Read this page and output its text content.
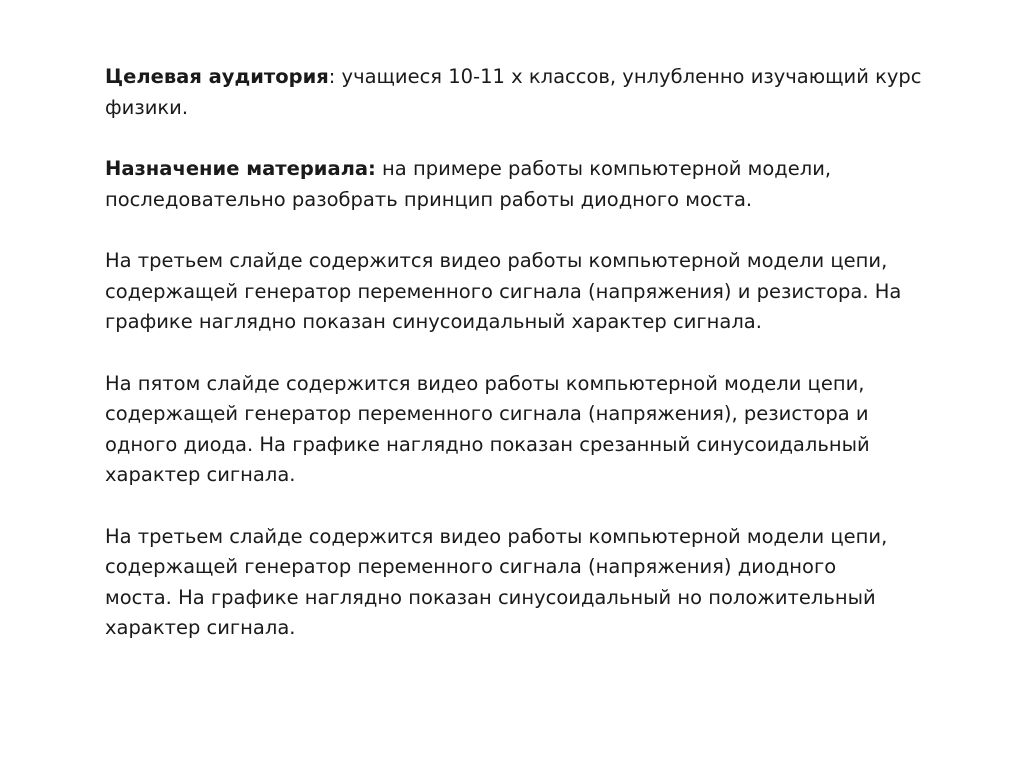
Целевая аудитория: учащиеся 10-11 х классов, унлубленно изучающий курс
физики.

Назначение материала: на примере работы компьютерной модели,
последовательно разобрать принцип работы диодного моста.

На третьем слайде содержится видео работы компьютерной модели цепи,
содержащей генератор переменного сигнала (напряжения) и резистора. На
графике наглядно показан синусоидальный характер сигнала.

На пятом слайде содержится видео работы компьютерной модели цепи,
содержащей генератор переменного сигнала (напряжения), резистора и
одного диода. На графике наглядно показан срезанный синусоидальный
характер сигнала.

На третьем слайде содержится видео работы компьютерной модели цепи,
содержащей генератор переменного сигнала (напряжения) диодного
моста. На графике наглядно показан синусоидальный но положительный
характер сигнала.
